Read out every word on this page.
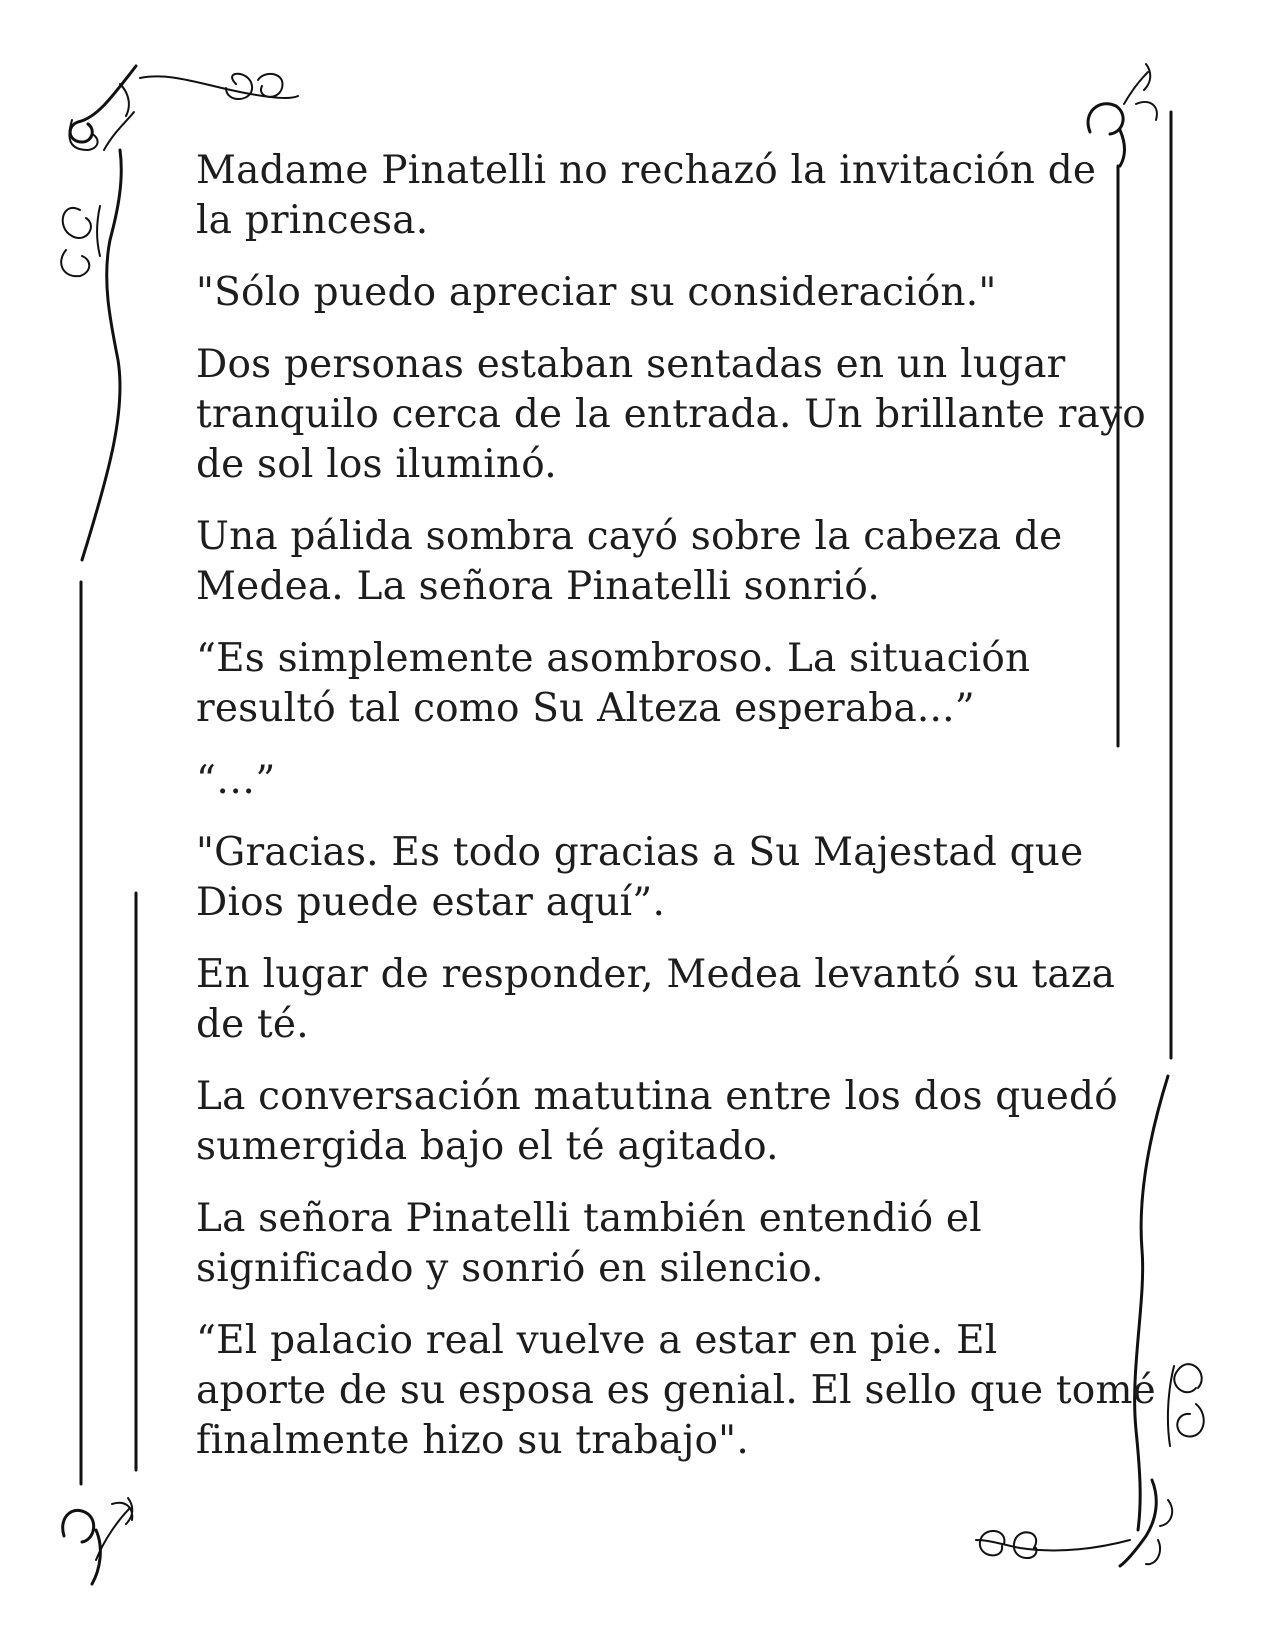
Madame Pinatelli no rechazó la invitación de
la princesa.
"Sólo puedo apreciar su consideración."
Dos personas estaban sentadas en un lugar
tranquilo cerca de la entrada. Un brillante rayo
de sol los iluminó.
Una pálida sombra cayó sobre la cabeza de
Medea. La señora Pinatelli sonrió.
“Es simplemente asombroso. La situación
resultó tal como Su Alteza esperaba...”
“…”
"Gracias. Es todo gracias a Su Majestad que
Dios puede estar aquí”.
En lugar de responder, Medea levantó su taza
de té.
La conversación matutina entre los dos quedó
sumergida bajo el té agitado.
La señora Pinatelli también entendió el
significado y sonrió en silencio.
“El palacio real vuelve a estar en pie. El
aporte de su esposa es genial. El sello que tomé
finalmente hizo su trabajo".
